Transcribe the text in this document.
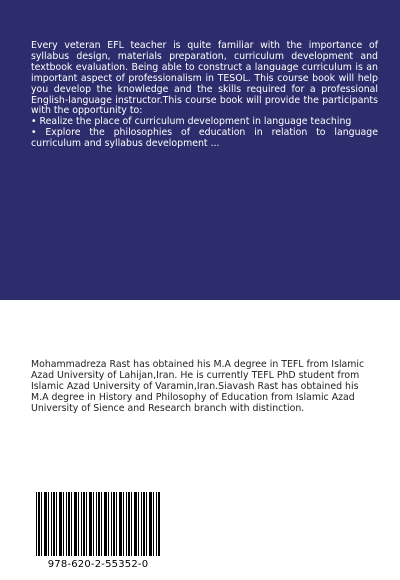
Every veteran EFL teacher is quite familiar with the importance of syllabus design, materials preparation, curriculum development and textbook evaluation. Being able to construct a language curriculum is an important aspect of professionalism in TESOL. This course book will help you develop the knowledge and the skills required for a professional English-language instructor.This course book will provide the participants with the opportunity to:

• Realize the place of curriculum development in language teaching
• Explore the philosophies of education in relation to language curriculum and syllabus development ...
Mohammadreza Rast has obtained his M.A degree in TEFL from Islamic Azad University of Lahijan,Iran. He is currently TEFL PhD student from Islamic Azad University of Varamin,Iran.Siavash Rast has obtained his M.A degree in History and Philosophy of Education from Islamic Azad University of Sience and Research branch with distinction.
978-620-2-55352-0
